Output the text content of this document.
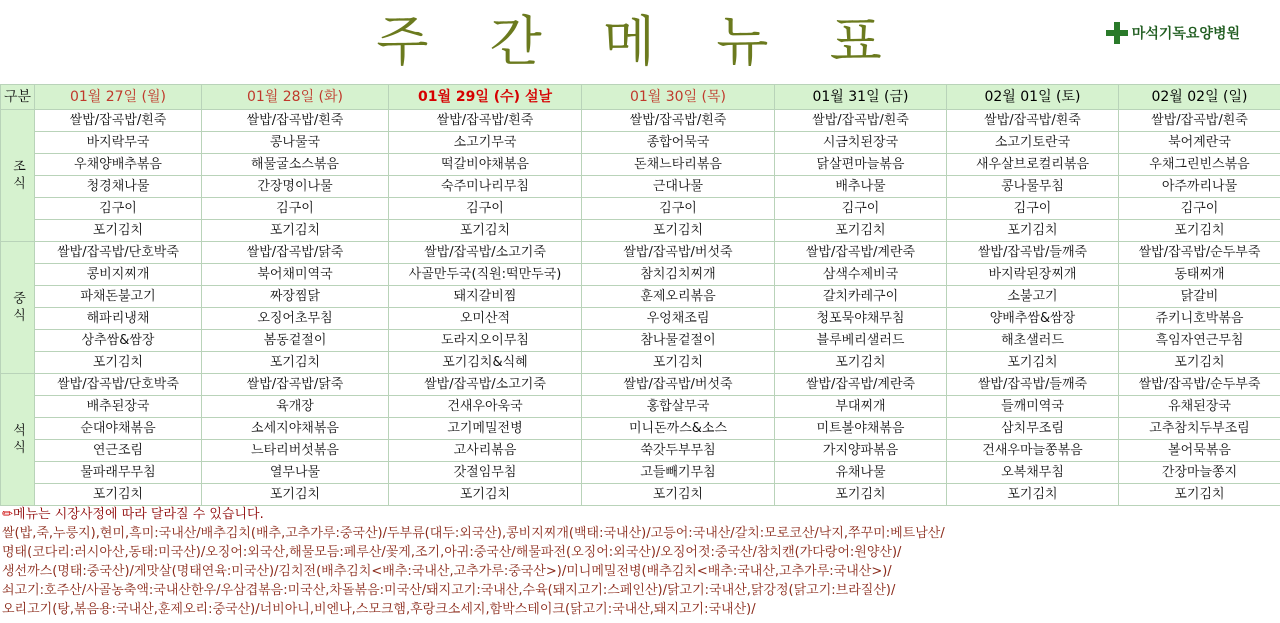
주 간 메 뉴 표	마석기독요양병원
구분	01월 27일 (월)	01월 28일 (화)	01월 29일 (수) 설날	01월 30일 (목)	01월 31일 (금)	02월 01일 (토)	02월 02일 (일)
조식	쌀밥/잡곡밥/흰죽	쌀밥/잡곡밥/흰죽	쌀밥/잡곡밥/흰죽	쌀밥/잡곡밥/흰죽	쌀밥/잡곡밥/흰죽	쌀밥/잡곡밥/흰죽	쌀밥/잡곡밥/흰죽
	바지락무국	콩나물국	소고기무국	종합어묵국	시금치된장국	소고기토란국	북어계란국
	우채양배추볶음	해물굴소스볶음	떡갈비야채볶음	돈채느타리볶음	닭살편마늘볶음	새우살브로컬리볶음	우채그린빈스볶음
	청경채나물	간장명이나물	숙주미나리무침	근대나물	배추나물	콩나물무침	아주까리나물
	김구이	김구이	김구이	김구이	김구이	김구이	김구이
	포기김치	포기김치	포기김치	포기김치	포기김치	포기김치	포기김치
중식	쌀밥/잡곡밥/단호박죽	쌀밥/잡곡밥/닭죽	쌀밥/잡곡밥/소고기죽	쌀밥/잡곡밥/버섯죽	쌀밥/잡곡밥/계란죽	쌀밥/잡곡밥/들깨죽	쌀밥/잡곡밥/순두부죽
	콩비지찌개	북어채미역국	사골만두국(직원:떡만두국)	참치김치찌개	삼색수제비국	바지락된장찌개	동태찌개
	파채돈불고기	짜장찜닭	돼지갈비찜	훈제오리볶음	갈치카레구이	소불고기	닭갈비
	해파리냉채	오징어초무침	오미산적	우엉채조림	청포묵야채무침	양배추쌈&쌈장	쥬키니호박볶음
	상추쌈&쌈장	봄동겉절이	도라지오이무침	참나물겉절이	블루베리샐러드	해초샐러드	흑임자연근무침
	포기김치	포기김치	포기김치&식혜	포기김치	포기김치	포기김치	포기김치
석식	쌀밥/잡곡밥/단호박죽	쌀밥/잡곡밥/닭죽	쌀밥/잡곡밥/소고기죽	쌀밥/잡곡밥/버섯죽	쌀밥/잡곡밥/계란죽	쌀밥/잡곡밥/들깨죽	쌀밥/잡곡밥/순두부죽
	배추된장국	육개장	건새우아욱국	홍합살무국	부대찌개	들깨미역국	유채된장국
	순대야채볶음	소세지야채볶음	고기메밀전병	미니돈까스&소스	미트볼야채볶음	삼치무조림	고추참치두부조림
	연근조림	느타리버섯볶음	고사리볶음	쑥갓두부무침	가지양파볶음	건새우마늘쫑볶음	볼어묵볶음
	물파래무무침	열무나물	갓절임무침	고들빼기무침	유채나물	오복채무침	간장마늘쫑지
	포기김치	포기김치	포기김치	포기김치	포기김치	포기김치	포기김치
✏메뉴는 시장사정에 따라 달라질 수 있습니다.
쌀(밥,죽,누룽지),현미,흑미:국내산/배추김치(배추,고추가루:중국산)/두부류(대두:외국산),콩비지찌개(백태:국내산)/고등어:국내산/갈치:모로코산/낙지,쭈꾸미:베트남산/
명태(코다리:러시아산,동태:미국산)/오징어:외국산,해물모듬:페루산/꽃게,조기,아귀:중국산/해물파전(오징어:외국산)/오징어젓:중국산/참치캔(가다랑어:원양산)/
생선까스(명태:중국산)/게맛살(명태연육:미국산)/김치전(배추김치<배추:국내산,고추가루:중국산>)/미니메밀전병(배추김치<배추:국내산,고추가루:국내산>)/
쇠고기:호주산/사골농축액:국내산한우/우삼겹볶음:미국산,차돌볶음:미국산/돼지고기:국내산,수육(돼지고기:스페인산)/닭고기:국내산,닭강정(닭고기:브라질산)/
오리고기(탕,볶음용:국내산,훈제오리:중국산)/너비아니,비엔나,스모크햄,후랑크소세지,함박스테이크(닭고기:국내산,돼지고기:국내산)/
